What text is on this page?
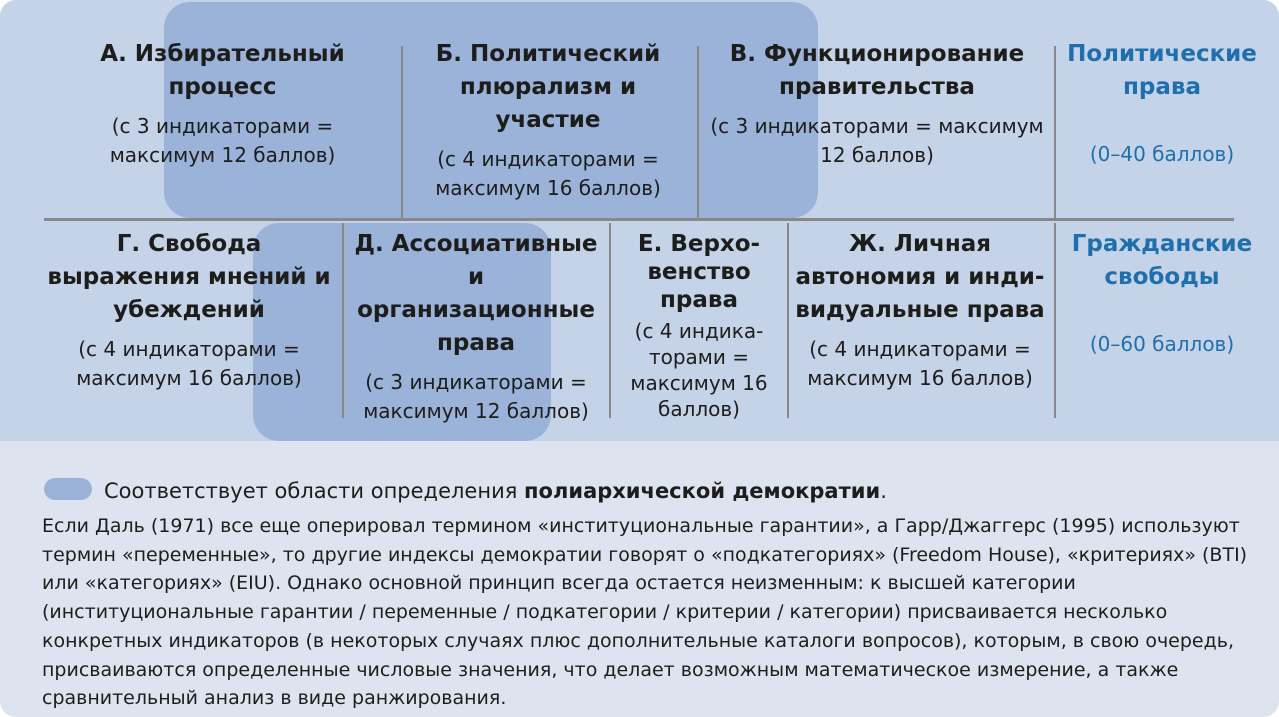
А. Избирательный процесс
(с 3 индикаторами = максимум 12 баллов)
Б. Политический плюрализм и участие
(с 4 индикаторами = максимум 16 баллов)
В. Функционирование правительства
(с 3 индикаторами = максимум 12 баллов)
Политические права
(0–40 баллов)
Г. Свобода выражения мнений и убеждений
(с 4 индикаторами = максимум 16 баллов)
Д. Ассоциативные и организационные права
(с 3 индикаторами = максимум 12 баллов)
Е. Верхо-венство права
(с 4 индика-торами = максимум 16 баллов)
Ж. Личная автономия и инди-видуальные права
(с 4 индикаторами = максимум 16 баллов)
Гражданские свободы
(0–60 баллов)
Соответствует области определения полиархической демократии.
Если Даль (1971) все еще оперировал термином «институциональные гарантии», а Гарр/Джаггерс (1995) используют термин «переменные», то другие индексы демократии говорят о «подкатегориях» (Freedom House), «критериях» (BTI) или «категориях» (EIU). Однако основной принцип всегда остается неизменным: к высшей категории (институциональные гарантии / переменные / подкатегории / критерии / категории) присваивается несколько конкретных индикаторов (в некоторых случаях плюс дополнительные каталоги вопросов), которым, в свою очередь, присваиваются определенные числовые значения, что делает возможным математическое измерение, а также сравнительный анализ в виде ранжирования.
